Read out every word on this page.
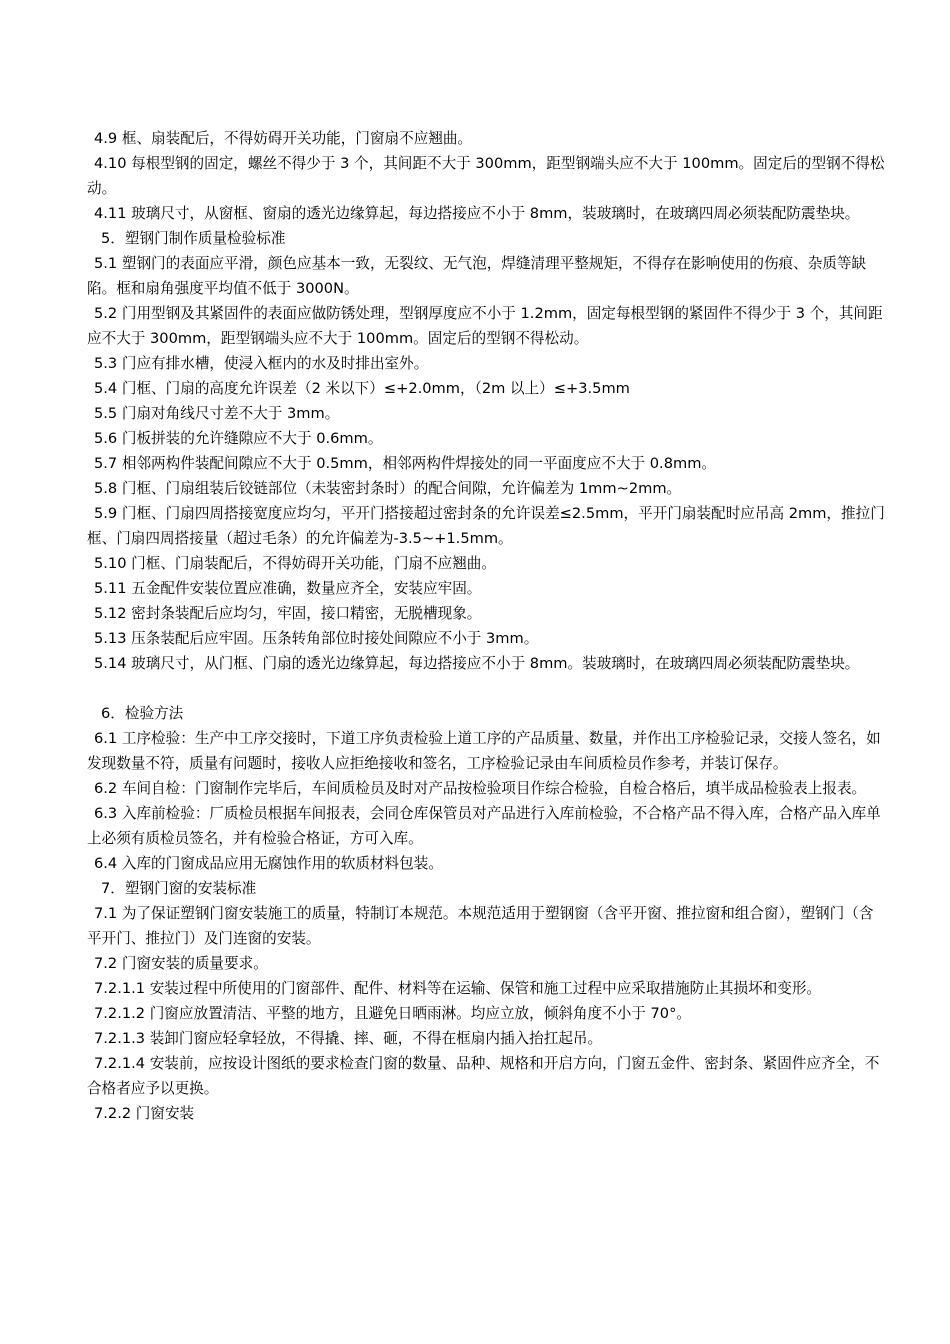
4.9 框、扇装配后，不得妨碍开关功能，门窗扇不应翘曲。

4.10 每根型钢的固定，螺丝不得少于 3 个，其间距不大于 300mm，距型钢端头应不大于 100mm。固定后的型钢不得松动。

4.11 玻璃尺寸，从窗框、窗扇的透光边缘算起，每边搭接应不小于 8mm，装玻璃时，在玻璃四周必须装配防震垫块。

5．塑钢门制作质量检验标准

5.1 塑钢门的表面应平滑，颜色应基本一致，无裂纹、无气泡，焊缝清理平整规矩，不得存在影响使用的伤痕、杂质等缺陷。框和扇角强度平均值不低于 3000N。

5.2 门用型钢及其紧固件的表面应做防锈处理，型钢厚度应不小于 1.2mm，固定每根型钢的紧固件不得少于 3 个，其间距应不大于 300mm，距型钢端头应不大于 100mm。固定后的型钢不得松动。

5.3 门应有排水槽，使浸入框内的水及时排出室外。

5.4 门框、门扇的高度允许误差（2 米以下）≤+2.0mm，（2m 以上）≤+3.5mm

5.5 门扇对角线尺寸差不大于 3mm。

5.6 门板拼装的允许缝隙应不大于 0.6mm。

5.7 相邻两构件装配间隙应不大于 0.5mm，相邻两构件焊接处的同一平面度应不大于 0.8mm。

5.8 门框、门扇组装后铰链部位（未装密封条时）的配合间隙，允许偏差为 1mm~2mm。

5.9 门框、门扇四周搭接宽度应均匀，平开门搭接超过密封条的允许误差≤2.5mm，平开门扇装配时应吊高 2mm，推拉门框、门扇四周搭接量（超过毛条）的允许偏差为-3.5~+1.5mm。

5.10 门框、门扇装配后，不得妨碍开关功能，门扇不应翘曲。

5.11 五金配件安装位置应准确，数量应齐全，安装应牢固。

5.12 密封条装配后应均匀，牢固，接口精密，无脱槽现象。

5.13 压条装配后应牢固。压条转角部位时接处间隙应不小于 3mm。

5.14 玻璃尺寸，从门框、门扇的透光边缘算起，每边搭接应不小于 8mm。装玻璃时，在玻璃四周必须装配防震垫块。

6．检验方法

6.1 工序检验：生产中工序交接时，下道工序负责检验上道工序的产品质量、数量，并作出工序检验记录，交接人签名，如发现数量不符，质量有问题时，接收人应拒绝接收和签名，工序检验记录由车间质检员作参考，并装订保存。

6.2 车间自检：门窗制作完毕后，车间质检员及时对产品按检验项目作综合检验，自检合格后，填半成品检验表上报表。

6.3 入库前检验：厂质检员根据车间报表，会同仓库保管员对产品进行入库前检验，不合格产品不得入库，合格产品入库单上必须有质检员签名，并有检验合格证，方可入库。

6.4 入库的门窗成品应用无腐蚀作用的软质材料包装。

7．塑钢门窗的安装标准

7.1 为了保证塑钢门窗安装施工的质量，特制订本规范。本规范适用于塑钢窗（含平开窗、推拉窗和组合窗），塑钢门（含平开门、推拉门）及门连窗的安装。

7.2 门窗安装的质量要求。

7.2.1.1 安装过程中所使用的门窗部件、配件、材料等在运输、保管和施工过程中应采取措施防止其损坏和变形。

7.2.1.2 门窗应放置清洁、平整的地方，且避免日晒雨淋。均应立放，倾斜角度不小于 70°。

7.2.1.3 装卸门窗应轻拿轻放，不得撬、摔、砸，不得在框扇内插入抬扛起吊。

7.2.1.4 安装前，应按设计图纸的要求检查门窗的数量、品种、规格和开启方向，门窗五金件、密封条、紧固件应齐全，不合格者应予以更换。

7.2.2 门窗安装
